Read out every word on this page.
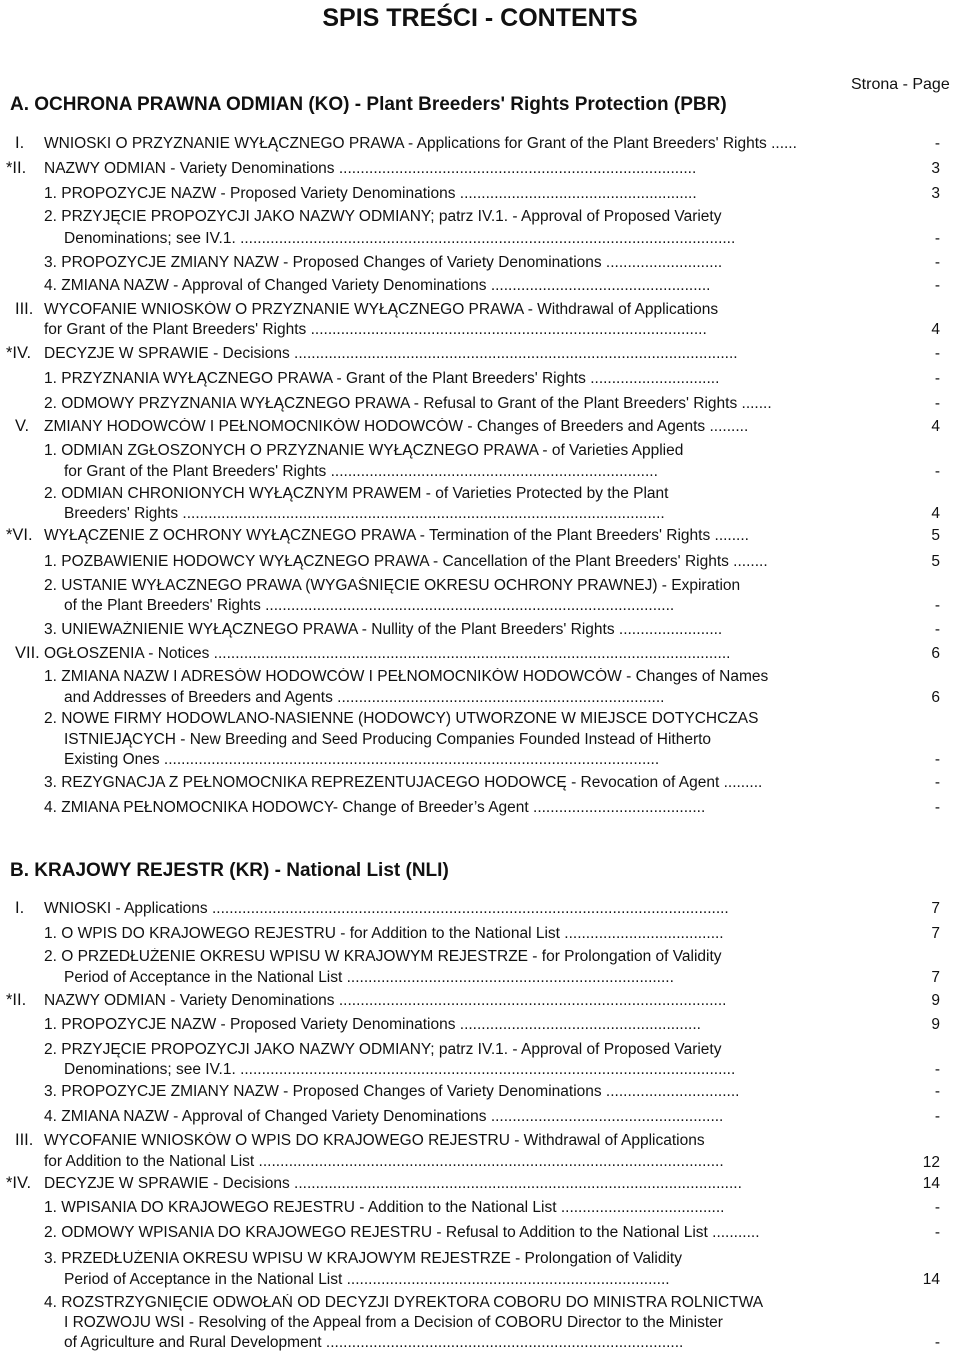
SPIS TREŚCI - CONTENTS
A. OCHRONA PRAWNA ODMIAN (KO) - Plant Breeders' Rights Protection (PBR)
Strona - Page
B. KRAJOWY REJESTR (KR) - National List (NLI)
I. WNIOSKI O PRZYZNANIE WYŁĄCZNEGO PRAWA - Applications for Grant of the Plant Breeders' Rights ......	-
*II. NAZWY ODMIAN - Variety Denominations ...................................................................................	3
1. PROPOZYCJE NAZW - Proposed Variety Denominations .......................................................	3
2. PRZYJĘCIE PROPOZYCJI JAKO NAZWY ODMIANY; patrz IV.1. - Approval of Proposed Variety
Denominations; see IV.1. ...................................................................................................................	-
3. PROPOZYCJE ZMIANY NAZW - Proposed Changes of Variety Denominations ...........................	-
4. ZMIANA NAZW - Approval of Changed Variety Denominations ...................................................	-
III. WYCOFANIE WNIOSKÓW O PRZYZNANIE WYŁĄCZNEGO PRAWA - Withdrawal of Applications
for Grant of the Plant Breeders' Rights ............................................................................................	4
*IV. DECYZJE W SPRAWIE - Decisions .......................................................................................................	-
1. PRZYZNANIA WYŁĄCZNEGO PRAWA - Grant of the Plant Breeders' Rights ..............................	-
2. ODMOWY PRZYZNANIA WYŁĄCZNEGO PRAWA - Refusal to Grant of the Plant Breeders' Rights .......	-
V. ZMIANY HODOWCÓW I PEŁNOMOCNIKÓW HODOWCÓW - Changes of Breeders and Agents .........	4
1. ODMIAN ZGŁOSZONYCH O PRZYZNANIE WYŁĄCZNEGO PRAWA - of Varieties Applied
for Grant of the Plant Breeders' Rights ............................................................................	-
2. ODMIAN CHRONIONYCH WYŁĄCZNYM PRAWEM - of Varieties Protected by the Plant
Breeders' Rights ................................................................................................................	4
*VI. WYŁĄCZENIE Z OCHRONY WYŁĄCZNEGO PRAWA - Termination of the Plant Breeders' Rights ........	5
1. POZBAWIENIE HODOWCY WYŁĄCZNEGO PRAWA - Cancellation of the Plant Breeders' Rights ........	5
2. USTANIE WYŁACZNEGO PRAWA (WYGAŚNIĘCIE OKRESU OCHRONY PRAWNEJ) - Expiration
of the Plant Breeders' Rights ...............................................................................................	-
3. UNIEWAŻNIENIE WYŁĄCZNEGO PRAWA - Nullity of the Plant Breeders' Rights ........................	-
VII. OGŁOSZENIA - Notices ........................................................................................................................	6
1. ZMIANA NAZW I ADRESÓW HODOWCÓW I PEŁNOMOCNIKÓW HODOWCÓW - Changes of Names
and Addresses of Breeders and Agents ............................................................................	6
2. NOWE FIRMY HODOWLANO-NASIENNE (HODOWCY) UTWORZONE W MIEJSCE DOTYCHCZAS
ISTNIEJĄCYCH - New Breeding and Seed Producing Companies Founded Instead of Hitherto
Existing Ones ...................................................................................................................	-
3. REZYGNACJA Z PEŁNOMOCNIKA REPREZENTUJACEGO HODOWCĘ - Revocation of Agent .........	-
4. ZMIANA PEŁNOMOCNIKA HODOWCY- Change of Breeder’s Agent ........................................	-
I. WNIOSKI - Applications ........................................................................................................................	7
1. O WPIS DO KRAJOWEGO REJESTRU - for Addition to the National List .....................................	7
2. O PRZEDŁUŻENIE OKRESU WPISU W KRAJOWYM REJESTRZE - for Prolongation of Validity
Period of Acceptance in the National List ............................................................................	7
*II. NAZWY ODMIAN - Variety Denominations ..........................................................................................	9
1. PROPOZYCJE NAZW - Proposed Variety Denominations ........................................................	9
2. PRZYJĘCIE PROPOZYCJI JAKO NAZWY ODMIANY; patrz IV.1. - Approval of Proposed Variety
Denominations; see IV.1. ...................................................................................................................	-
3. PROPOZYCJE ZMIANY NAZW - Proposed Changes of Variety Denominations ...............................	-
4. ZMIANA NAZW - Approval of Changed Variety Denominations ......................................................	-
III. WYCOFANIE WNIOSKÓW O WPIS DO KRAJOWEGO REJESTRU - Withdrawal of Applications
for Addition to the National List ............................................................................................................	12
*IV. DECYZJE W SPRAWIE - Decisions ........................................................................................................	14
1. WPISANIA DO KRAJOWEGO REJESTRU - Addition to the National List ......................................	-
2. ODMOWY WPISANIA DO KRAJOWEGO REJESTRU - Refusal to Addition to the National List ...........	-
3. PRZEDŁUŻENIA OKRESU WPISU W KRAJOWYM REJESTRZE - Prolongation of Validity
Period of Acceptance in the National List ...........................................................................	14
4. ROZSTRZYGNIĘCIE ODWOŁAŃ OD DECYZJI DYREKTORA COBORU DO MINISTRA ROLNICTWA
I ROZWOJU WSI - Resolving of the Appeal from a Decision of COBORU Director to the Minister
of Agriculture and Rural Development ...................................................................................	-
